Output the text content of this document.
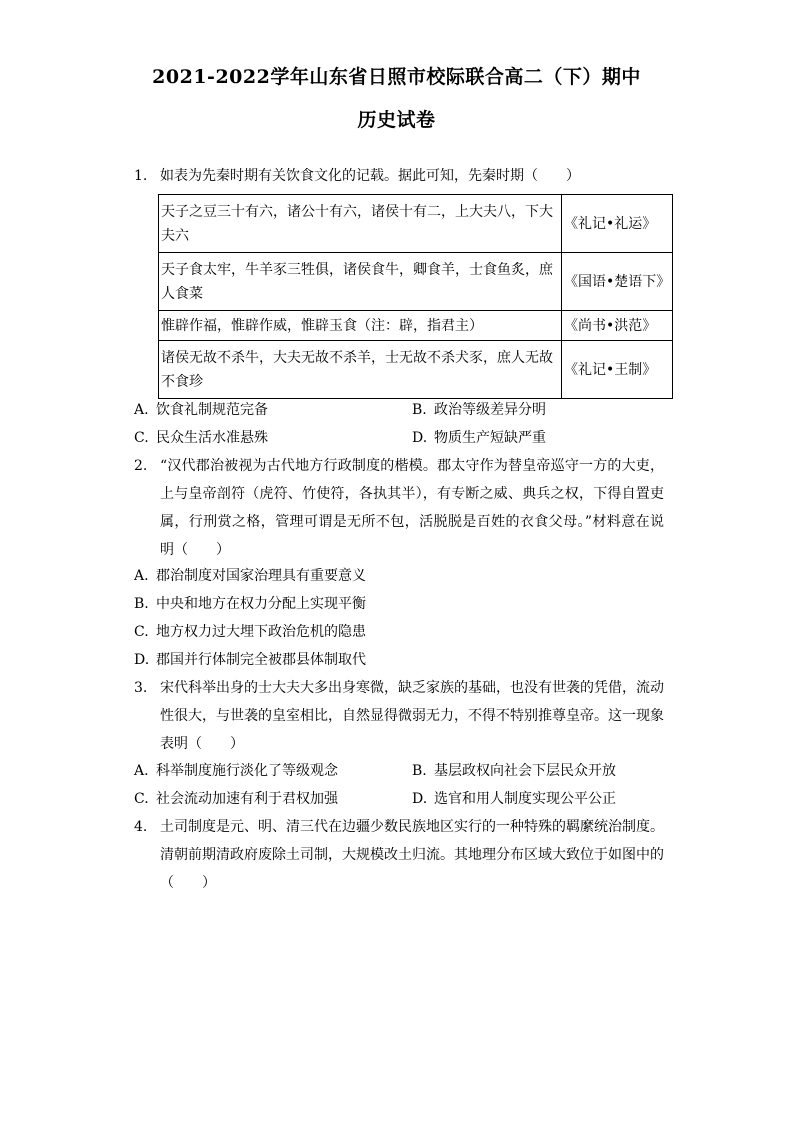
2021-2022学年山东省日照市校际联合高二（下）期中
历史试卷
1. 如表为先秦时期有关饮食文化的记载。据此可知，先秦时期（　　）
天子之豆三十有六，诸公十有六，诸侯十有二，上大夫八，下大夫六	《礼记•礼运》
天子食太牢，牛羊豕三牲俱，诸侯食牛，卿食羊，士食鱼炙，庶人食菜	《国语•楚语下》
惟辟作福，惟辟作威，惟辟玉食（注：辟，指君主）	《尚书•洪范》
诸侯无故不杀牛，大夫无故不杀羊，士无故不杀犬豕，庶人无故不食珍	《礼记•王制》
A. 饮食礼制规范完备	B. 政治等级差异分明
C. 民众生活水准悬殊	D. 物质生产短缺严重
2. “汉代郡治被视为古代地方行政制度的楷模。郡太守作为替皇帝巡守一方的大吏，上与皇帝剖符（虎符、竹使符，各执其半），有专断之威、典兵之权，下得自置吏属，行刑赏之格，管理可谓是无所不包，活脱脱是百姓的衣食父母。”材料意在说明（　　）
A. 郡治制度对国家治理具有重要意义
B. 中央和地方在权力分配上实现平衡
C. 地方权力过大埋下政治危机的隐患
D. 郡国并行体制完全被郡县体制取代
3. 宋代科举出身的士大夫大多出身寒微，缺乏家族的基础，也没有世袭的凭借，流动性很大，与世袭的皇室相比，自然显得微弱无力，不得不特别推尊皇帝。这一现象表明（　　）
A. 科举制度施行淡化了等级观念	B. 基层政权向社会下层民众开放
C. 社会流动加速有利于君权加强	D. 选官和用人制度实现公平公正
4. 土司制度是元、明、清三代在边疆少数民族地区实行的一种特殊的羁縻统治制度。清朝前期清政府废除土司制，大规模改土归流。其地理分布区域大致位于如图中的（　　）
